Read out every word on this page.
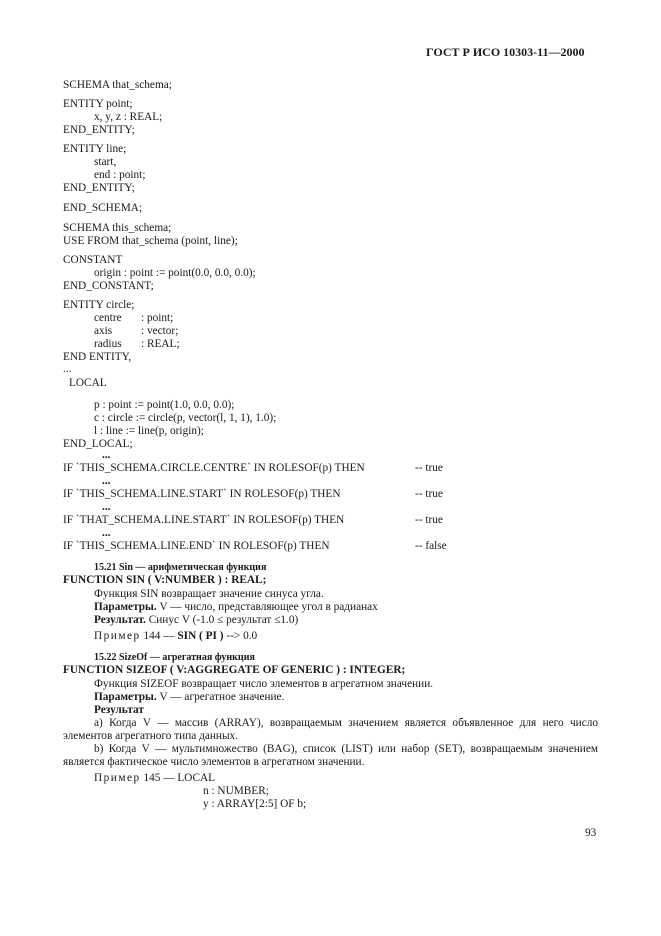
ГОСТ Р ИСО 10303-11—2000
SCHEMA that_schema;
ENTITY point;
x, y, z : REAL;
END_ENTITY;
ENTITY line;
start,
end : point;
END_ENTITY;
END_SCHEMA;
SCHEMA this_schema;
USE FROM that_schema (point, line);
CONSTANT
origin : point := point(0.0, 0.0, 0.0);
END_CONSTANT;
ENTITY circle;
centre : point;
axis	: vector;
radius : REAL;
END ENTITY,
...
LOCAL
p : point := point(1.0, 0.0, 0.0);
c : circle := circle(p, vector(l, 1, 1), 1.0);
l : line := line(p, origin);
END_LOCAL;
...
IF `THIS_SCHEMA.CIRCLE.CENTRE` IN ROLESOF(p) THEN	-- true
...
IF `THIS_SCHEMA.LINE.START` IN ROLESOF(p) THEN	-- true
...
IF `THAT_SCHEMA.LINE.START` IN ROLESOF(p) THEN	-- true
...
IF `THIS_SCHEMA.LINE.END` IN ROLESOF(p) THEN	-- false
15.21 Sin — арифметическая функция
FUNCTION SIN ( V:NUMBER ) : REAL;
Функция SIN возвращает значение синуса угла.
Параметры. V — число, представляющее угол в радианах
Результат. Синус V (-1.0 ≤ результат ≤1.0)
Пример 144 — SIN ( PI ) --> 0.0
15.22 SizeOf — агрегатная функция
FUNCTION SIZEOF ( V:AGGREGATE OF GENERIC ) : INTEGER;
Функция SIZEOF возвращает число элементов в агрегатном значении.
Параметры. V — агрегатное значение.
Результат
a) Когда V — массив (ARRAY), возвращаемым значением является объявленное для него число элементов агрегатного типа данных.
b) Когда V — мультимножество (BAG), список (LIST) или набор (SET), возвращаемым значением является фактическое число элементов в агрегатном значении.
Пример 145 — LOCAL
n : NUMBER;
y : ARRAY[2:5] OF b;
93
